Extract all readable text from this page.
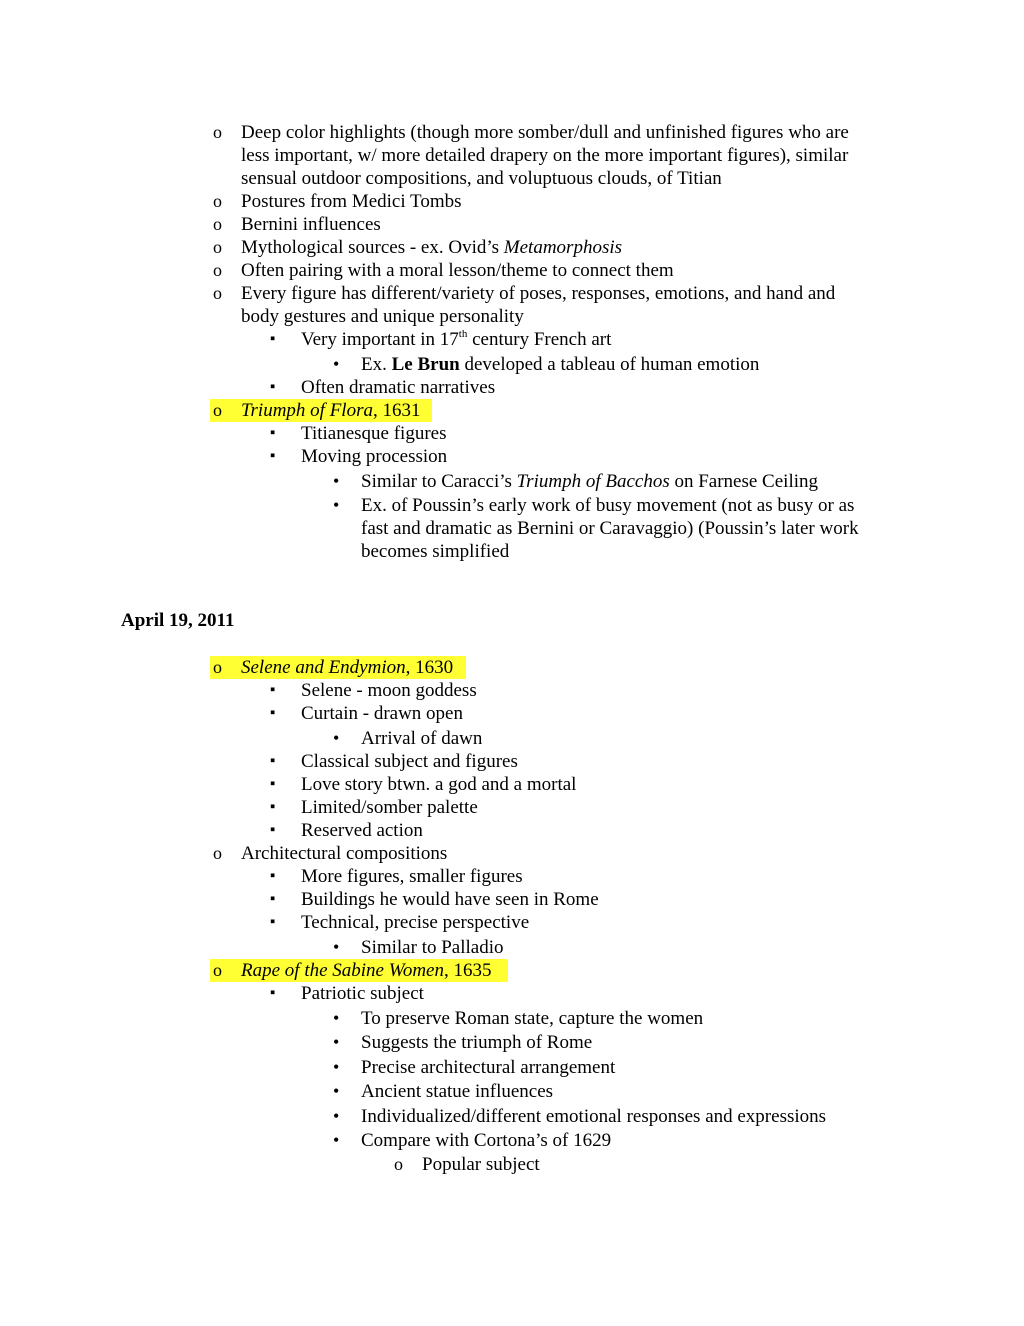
o Deep color highlights (though more somber/dull and unfinished figures who are
less important, w/ more detailed drapery on the more important figures), similar
sensual outdoor compositions, and voluptuous clouds, of Titian
o Postures from Medici Tombs
o Bernini influences
o Mythological sources - ex. Ovid’s Metamorphosis
o Often pairing with a moral lesson/theme to connect them
o Every figure has different/variety of poses, responses, emotions, and hand and
body gestures and unique personality
▪ Very important in 17th century French art
• Ex. Le Brun developed a tableau of human emotion
▪ Often dramatic narratives
o Triumph of Flora, 1631
▪ Titianesque figures
▪ Moving procession
• Similar to Caracci’s Triumph of Bacchos on Farnese Ceiling
• Ex. of Poussin’s early work of busy movement (not as busy or as
fast and dramatic as Bernini or Caravaggio) (Poussin’s later work
becomes simplified
April 19, 2011
o Selene and Endymion, 1630
▪ Selene - moon goddess
▪ Curtain - drawn open
• Arrival of dawn
▪ Classical subject and figures
▪ Love story btwn. a god and a mortal
▪ Limited/somber palette
▪ Reserved action
o Architectural compositions
▪ More figures, smaller figures
▪ Buildings he would have seen in Rome
▪ Technical, precise perspective
• Similar to Palladio
o Rape of the Sabine Women, 1635
▪ Patriotic subject
• To preserve Roman state, capture the women
• Suggests the triumph of Rome
• Precise architectural arrangement
• Ancient statue influences
• Individualized/different emotional responses and expressions
• Compare with Cortona’s of 1629
o Popular subject
